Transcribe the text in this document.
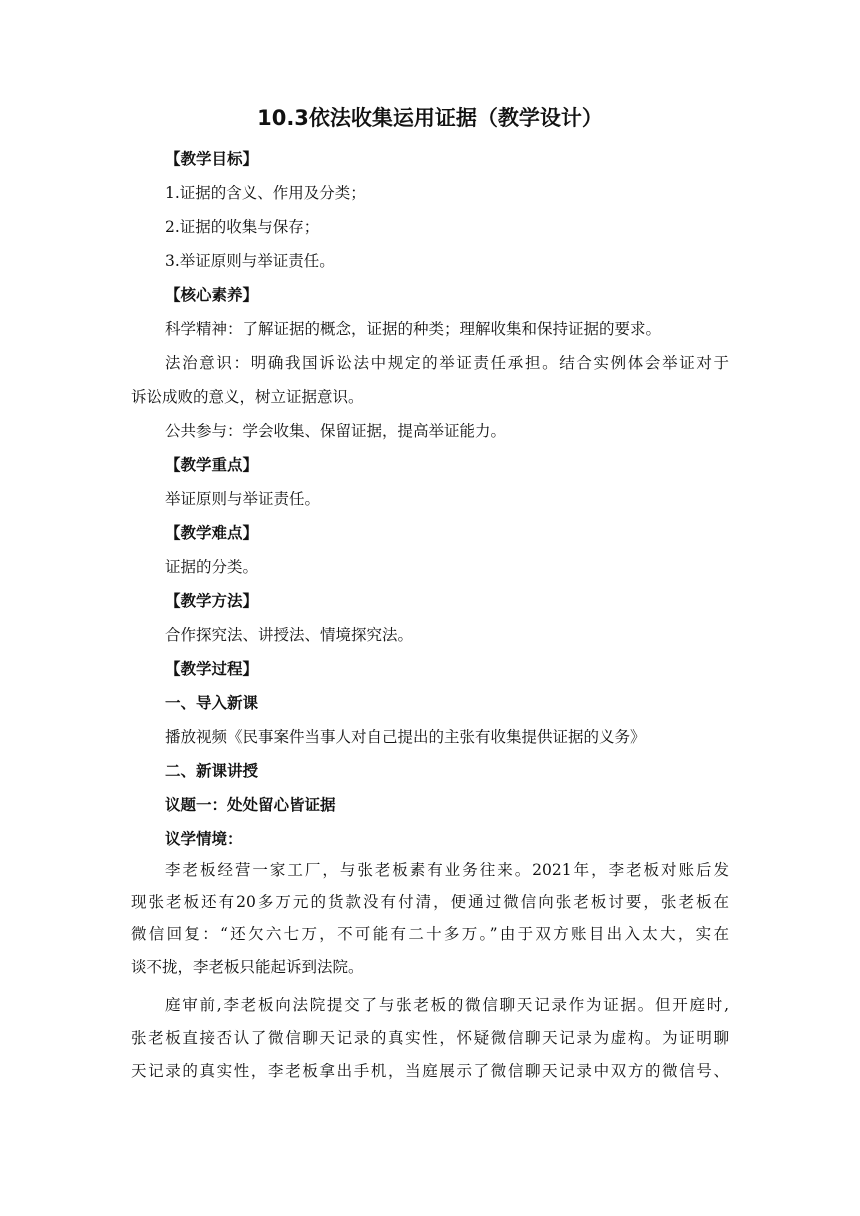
10.3依法收集运用证据（教学设计）
【教学目标】
1.证据的含义、作用及分类；
2.证据的收集与保存；
3.举证原则与举证责任。
【核心素养】
科学精神：了解证据的概念，证据的种类；理解收集和保持证据的要求。
法治意识：明确我国诉讼法中规定的举证责任承担。结合实例体会举证对于
诉讼成败的意义，树立证据意识。
公共参与：学会收集、保留证据，提高举证能力。
【教学重点】
举证原则与举证责任。
【教学难点】
证据的分类。
【教学方法】
合作探究法、讲授法、情境探究法。
【教学过程】
一、导入新课
播放视频《民事案件当事人对自己提出的主张有收集提供证据的义务》
二、新课讲授
议题一：处处留心皆证据
议学情境：
李老板经营一家工厂，与张老板素有业务往来。2021年，李老板对账后发
现张老板还有20多万元的货款没有付清，便通过微信向张老板讨要，张老板在
微信回复：“还欠六七万，不可能有二十多万。”由于双方账目出入太大，实在
谈不拢，李老板只能起诉到法院。
庭审前,李老板向法院提交了与张老板的微信聊天记录作为证据。但开庭时,
张老板直接否认了微信聊天记录的真实性，怀疑微信聊天记录为虚构。为证明聊
天记录的真实性，李老板拿出手机，当庭展示了微信聊天记录中双方的微信号、
